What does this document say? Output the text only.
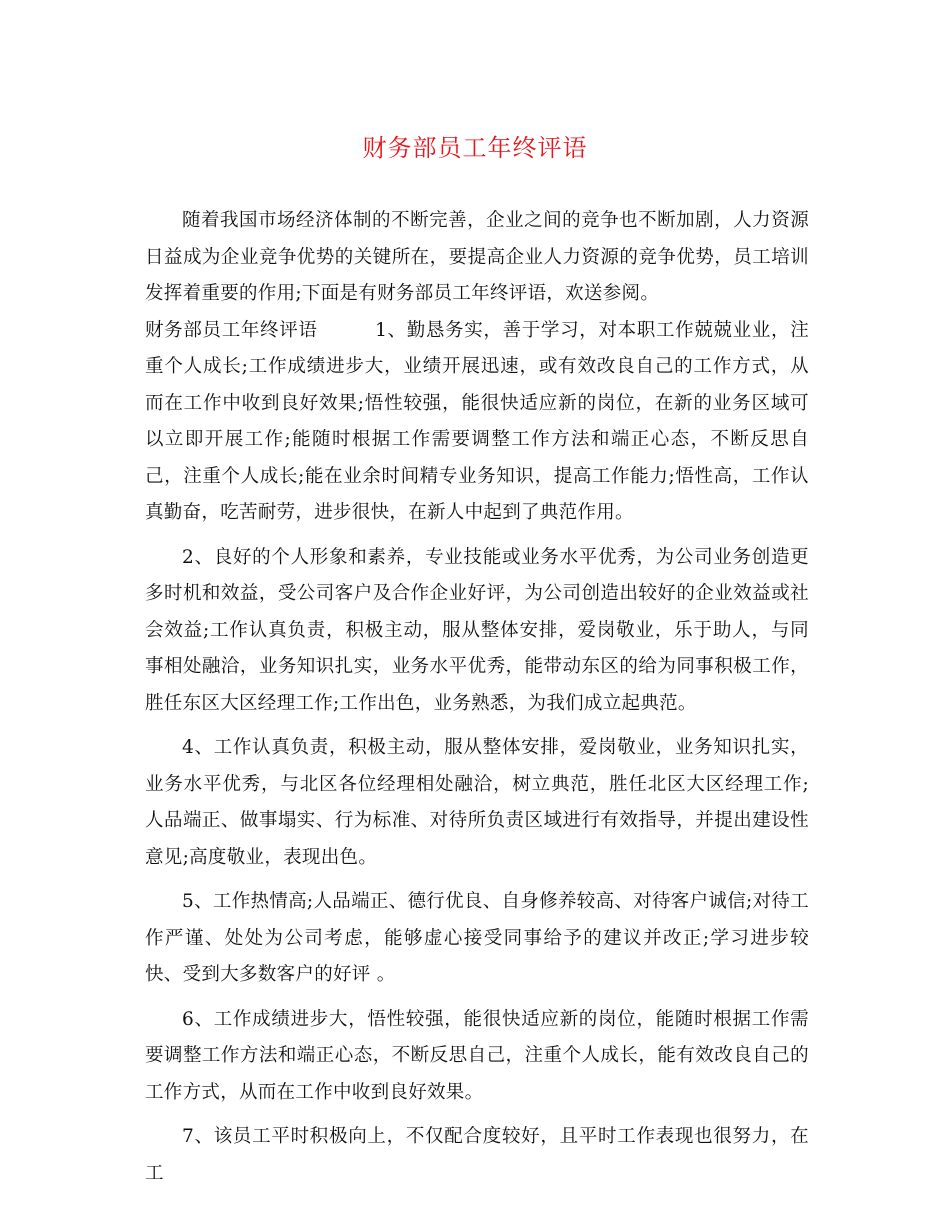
财务部员工年终评语

随着我国市场经济体制的不断完善，企业之间的竞争也不断加剧，人力资源日益成为企业竞争优势的关键所在，要提高企业人力资源的竞争优势，员工培训发挥着重要的作用;下面是有财务部员工年终评语，欢送参阅。

财务部员工年终评语　　　1、勤恳务实，善于学习，对本职工作兢兢业业，注重个人成长;工作成绩进步大，业绩开展迅速，或有效改良自己的工作方式，从而在工作中收到良好效果;悟性较强，能很快适应新的岗位，在新的业务区域可以立即开展工作;能随时根据工作需要调整工作方法和端正心态，不断反思自己，注重个人成长;能在业余时间精专业务知识，提高工作能力;悟性高，工作认真勤奋，吃苦耐劳，进步很快，在新人中起到了典范作用。

2、良好的个人形象和素养，专业技能或业务水平优秀，为公司业务创造更多时机和效益，受公司客户及合作企业好评，为公司创造出较好的企业效益或社会效益;工作认真负责，积极主动，服从整体安排，爱岗敬业，乐于助人，与同事相处融洽，业务知识扎实，业务水平优秀，能带动东区的给为同事积极工作，胜任东区大区经理工作;工作出色，业务熟悉，为我们成立起典范。

4、工作认真负责，积极主动，服从整体安排，爱岗敬业，业务知识扎实，业务水平优秀，与北区各位经理相处融洽，树立典范，胜任北区大区经理工作;人品端正、做事塌实、行为标准、对待所负责区域进行有效指导，并提出建设性意见;高度敬业，表现出色。

5、工作热情高;人品端正、德行优良、自身修养较高、对待客户诚信;对待工作严谨、处处为公司考虑，能够虚心接受同事给予的建议并改正;学习进步较快、受到大多数客户的好评 。

6、工作成绩进步大，悟性较强，能很快适应新的岗位，能随时根据工作需要调整工作方法和端正心态，不断反思自己，注重个人成长，能有效改良自己的工作方式，从而在工作中收到良好效果。

7、该员工平时积极向上，不仅配合度较好，且平时工作表现也很努力，在工
